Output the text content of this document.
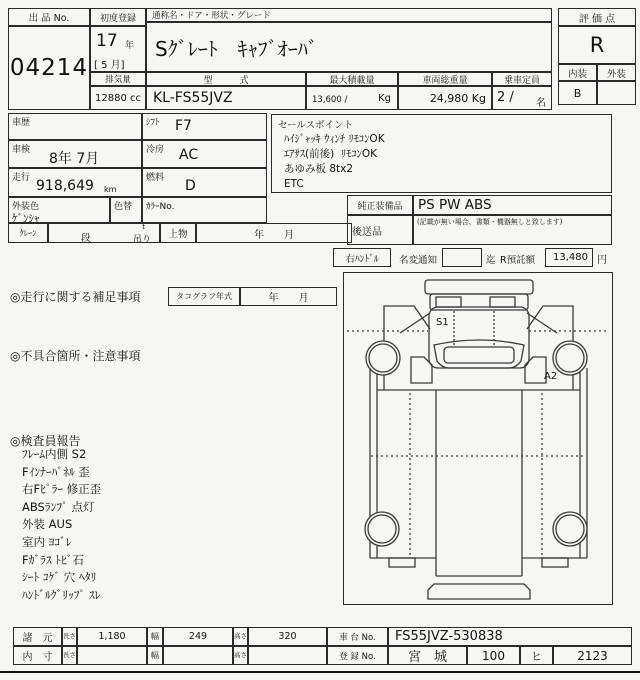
出 品 No.
04214
初度登録
17 年
[ 5 月]
排気量
12880 cc
通称名・ドア・形状・グレード
Sｸﾞﾚｰﾄ　ｷｬﾌﾞｵｰﾊﾞ
型　　　式
KL-FS55JVZ
最大積載量
13,600 /	Kg
車両総重量
24,980 Kg
乗車定員
2 / 名
評 価 点
R
内装	外装
B
車歴	ｼﾌﾄ F7
車検
8年 7月
冷房 AC
走行 918,649 km
燃料 D
外装色
ｹﾞﾝｼｬ
色替 ｶﾗｰNo.
ｸﾚｰﾝ	段
t
吊り	上物	年　　月
セールスポイント
ﾊｲｼﾞｬｯｷ ｳｨﾝﾁ ﾘﾓｺﾝOK
ｴｱｻｽ(前後)  ﾘﾓｺﾝOK
あゆみ板 8tx2
ETC
純正装備品	PS PW ABS
後送品
(記載が無い場合、書類・機器無しと致します)
右ﾊﾝﾄﾞﾙ	名変通知	迄 R預託額	13,480 円
◎走行に関する補足事項	タコグラフ年式	年　　月
◎不具合箇所・注意事項
◎検査員報告
ﾌﾚｰﾑ内側 S2
Fｲﾝﾅｰﾊﾟﾈﾙ 歪
右Fﾋﾟﾗｰ 修正歪
ABSﾗﾝﾌﾟ 点灯
外装 AUS
室内 ﾖｺﾞﾚ
Fｶﾞﾗｽ ﾄﾋﾞ石
ｼｰﾄ ｺｹﾞ 穴 ﾍﾀﾘ
ﾊﾝﾄﾞﾙｸﾞﾘｯﾌﾟ ｽﾚ
S1
A2
諸　元	長さ	1,180	幅	249	高さ	320	車 台 No.	FS55JVZ-530838
内　寸	長さ	幅	高さ	登 録 No.	宮　城	100	ヒ	2123
